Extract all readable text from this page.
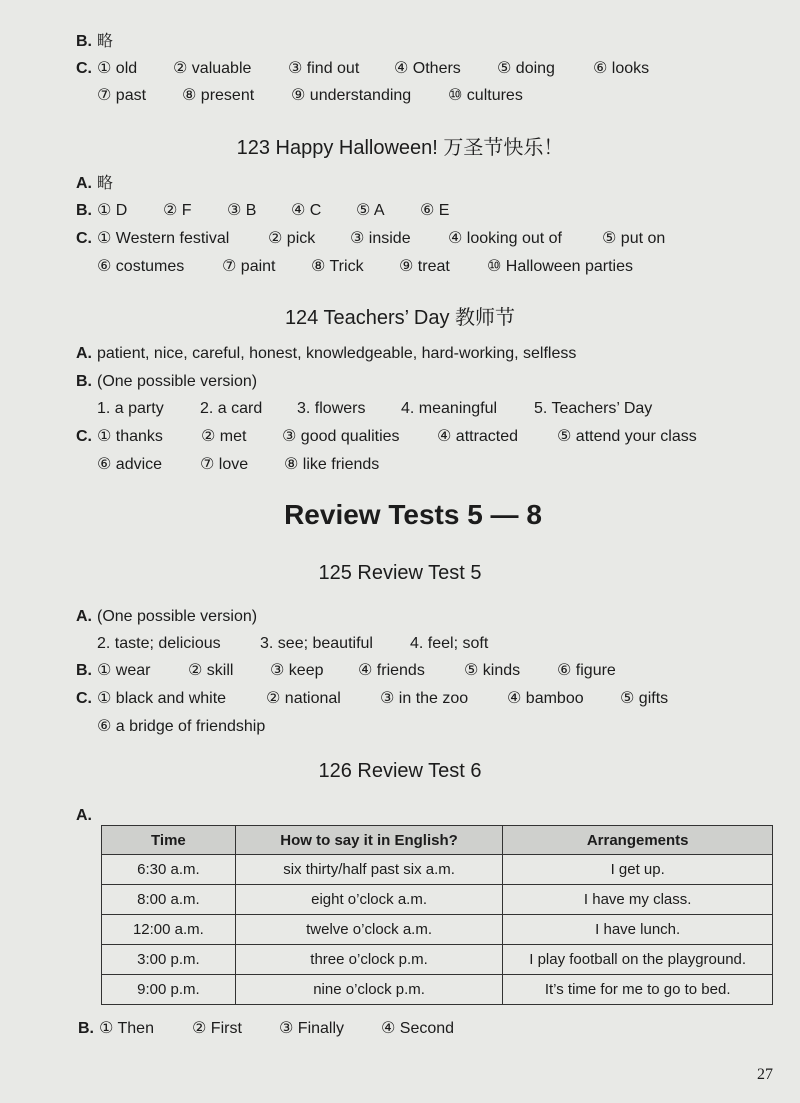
B. 略
C. ① old ② valuable ③ find out ④ Others ⑤ doing ⑥ looks
⑦ past ⑧ present ⑨ understanding ⑩ cultures
123 Happy Halloween! 万圣节快乐！
A. 略
B. ① D ② F ③ B ④ C ⑤ A ⑥ E
C. ① Western festival ② pick ③ inside ④ looking out of	⑤ put on
⑥ costumes ⑦ paint ⑧ Trick ⑨ treat ⑩ Halloween parties
124 Teachers’ Day 教师节
A. patient, nice, careful, honest, knowledgeable, hard-working, selfless
B. (One possible version)
1. a party 2. a card 3. flowers 4. meaningful 5. Teachers’ Day
C. ① thanks ② met ③ good qualities ④ attracted ⑤ attend your class
⑥ advice ⑦ love ⑧ like friends
Review Tests 5 — 8
125 Review Test 5
A. (One possible version)
2. taste; delicious 3. see; beautiful 4. feel; soft
B. ① wear ② skill ③ keep ④ friends ⑤ kinds ⑥ figure
C. ① black and white ② national ③ in the zoo ④ bamboo ⑤ gifts
⑥ a bridge of friendship
126 Review Test 6
A.
Time	How to say it in English?	Arrangements
6:30 a.m.	six thirty/half past six a.m.	I get up.
8:00 a.m.	eight o’clock a.m.	I have my class.
12:00 a.m.	twelve o’clock a.m.	I have lunch.
3:00 p.m.	three o’clock p.m.	I play football on the playground.
9:00 p.m.	nine o’clock p.m.	It’s time for me to go to bed.
B. ① Then ② First ③ Finally ④ Second
27
